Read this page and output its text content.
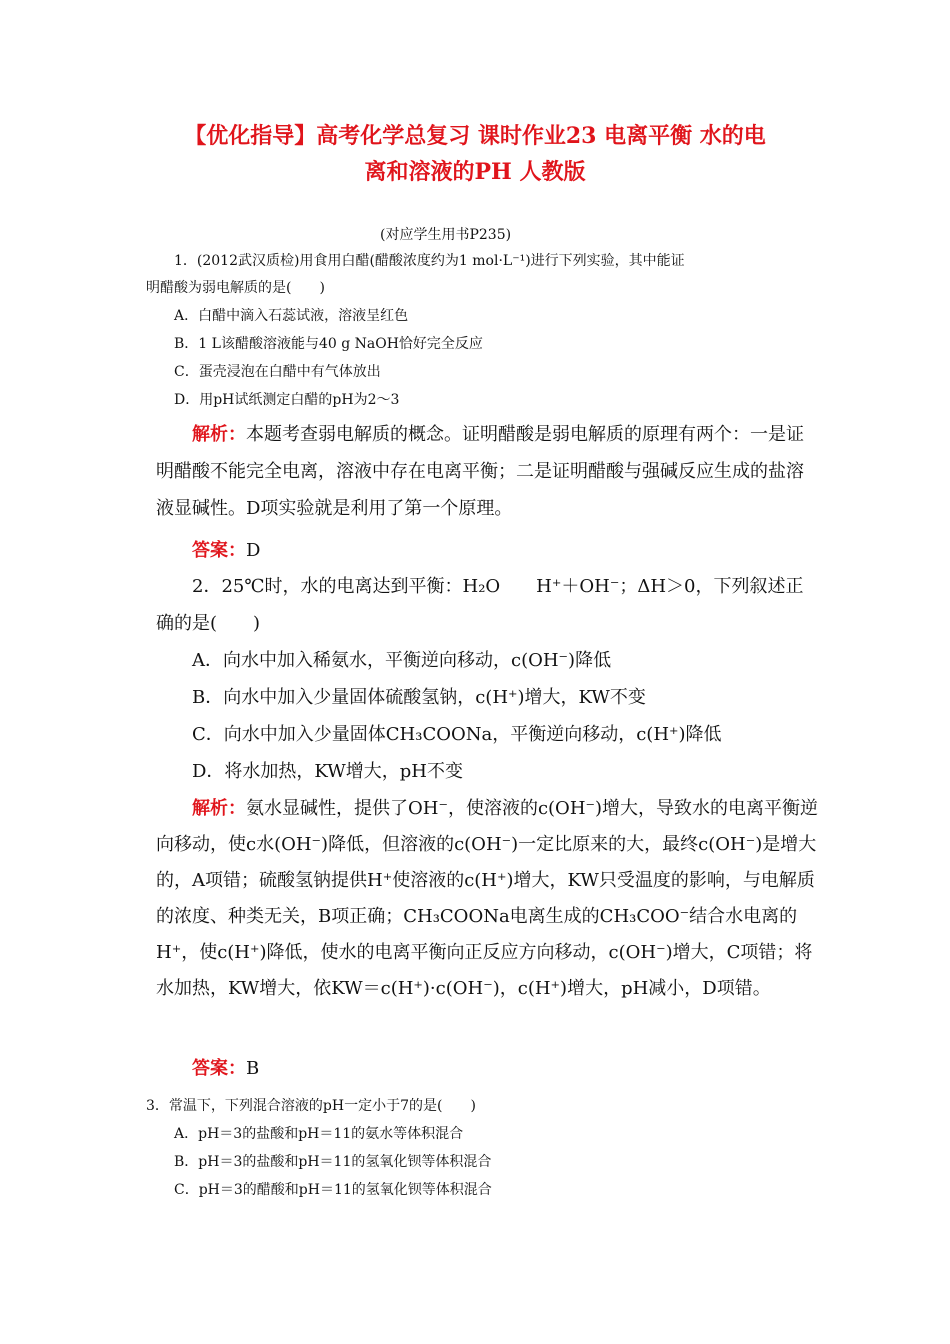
【优化指导】高考化学总复习 课时作业23 电离平衡 水的电
离和溶液的PH 人教版
(对应学生用书P235)
1．(2012武汉质检)用食用白醋(醋酸浓度约为1 mol·L⁻¹)进行下列实验，其中能证
明醋酸为弱电解质的是(　　)
A．白醋中滴入石蕊试液，溶液呈红色
B．1 L该醋酸溶液能与40 g NaOH恰好完全反应
C．蛋壳浸泡在白醋中有气体放出
D．用pH试纸测定白醋的pH为2～3
解析：本题考查弱电解质的概念。证明醋酸是弱电解质的原理有两个：一是证明醋酸不能完全电离，溶液中存在电离平衡；二是证明醋酸与强碱反应生成的盐溶液显碱性。D项实验就是利用了第一个原理。
答案：D
2．25℃时，水的电离达到平衡：H₂O　　H⁺＋OH⁻；ΔH＞0，下列叙述正
确的是(　　)
A．向水中加入稀氨水，平衡逆向移动，c(OH⁻)降低
B．向水中加入少量固体硫酸氢钠，c(H⁺)增大，KW不变
C．向水中加入少量固体CH₃COONa，平衡逆向移动，c(H⁺)降低
D．将水加热，KW增大，pH不变
解析：氨水显碱性，提供了OH⁻，使溶液的c(OH⁻)增大，导致水的电离平衡逆向移动，使c水(OH⁻)降低，但溶液的c(OH⁻)一定比原来的大，最终c(OH⁻)是增大的，A项错；硫酸氢钠提供H⁺使溶液的c(H⁺)增大，KW只受温度的影响，与电解质的浓度、种类无关，B项正确；CH₃COONa电离生成的CH₃COO⁻结合水电离的H⁺，使c(H⁺)降低，使水的电离平衡向正反应方向移动，c(OH⁻)增大，C项错；将水加热，KW增大，依KW＝c(H⁺)·c(OH⁻)，c(H⁺)增大，pH减小，D项错。
答案：B
3．常温下，下列混合溶液的pH一定小于7的是(　　)
A．pH＝3的盐酸和pH＝11的氨水等体积混合
B．pH＝3的盐酸和pH＝11的氢氧化钡等体积混合
C．pH＝3的醋酸和pH＝11的氢氧化钡等体积混合
